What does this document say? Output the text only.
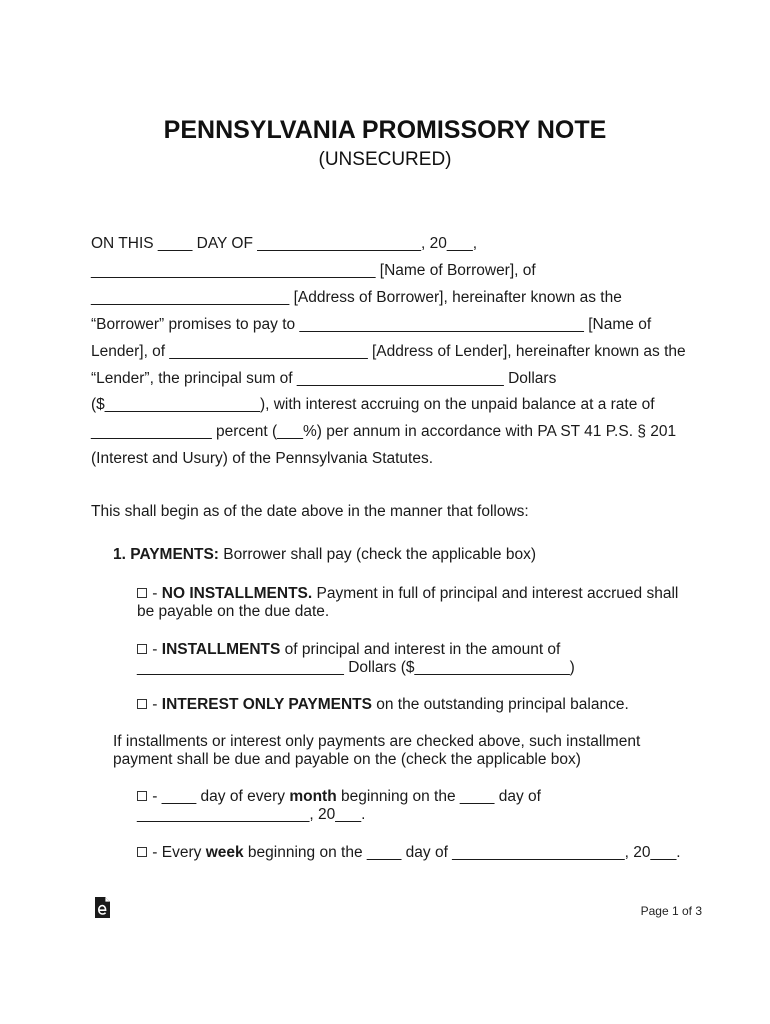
PENNSYLVANIA PROMISSORY NOTE
(UNSECURED)
ON THIS ____ DAY OF ___________________, 20___,
_________________________________ [Name of Borrower], of
_______________________ [Address of Borrower], hereinafter known as the
“Borrower” promises to pay to _________________________________ [Name of
Lender], of _______________________ [Address of Lender], hereinafter known as the
“Lender”, the principal sum of ________________________ Dollars
($__________________), with interest accruing on the unpaid balance at a rate of
______________ percent (___%) per annum in accordance with PA ST 41 P.S. § 201
(Interest and Usury) of the Pennsylvania Statutes.
This shall begin as of the date above in the manner that follows:
1. PAYMENTS: Borrower shall pay (check the applicable box)
- NO INSTALLMENTS. Payment in full of principal and interest accrued shall
be payable on the due date.
- INSTALLMENTS of principal and interest in the amount of
________________________ Dollars ($__________________)
- INTEREST ONLY PAYMENTS on the outstanding principal balance.
If installments or interest only payments are checked above, such installment
payment shall be due and payable on the (check the applicable box)
- ____ day of every month beginning on the ____ day of
____________________, 20___.
- Every week beginning on the ____ day of ____________________, 20___.
Page 1 of 3
